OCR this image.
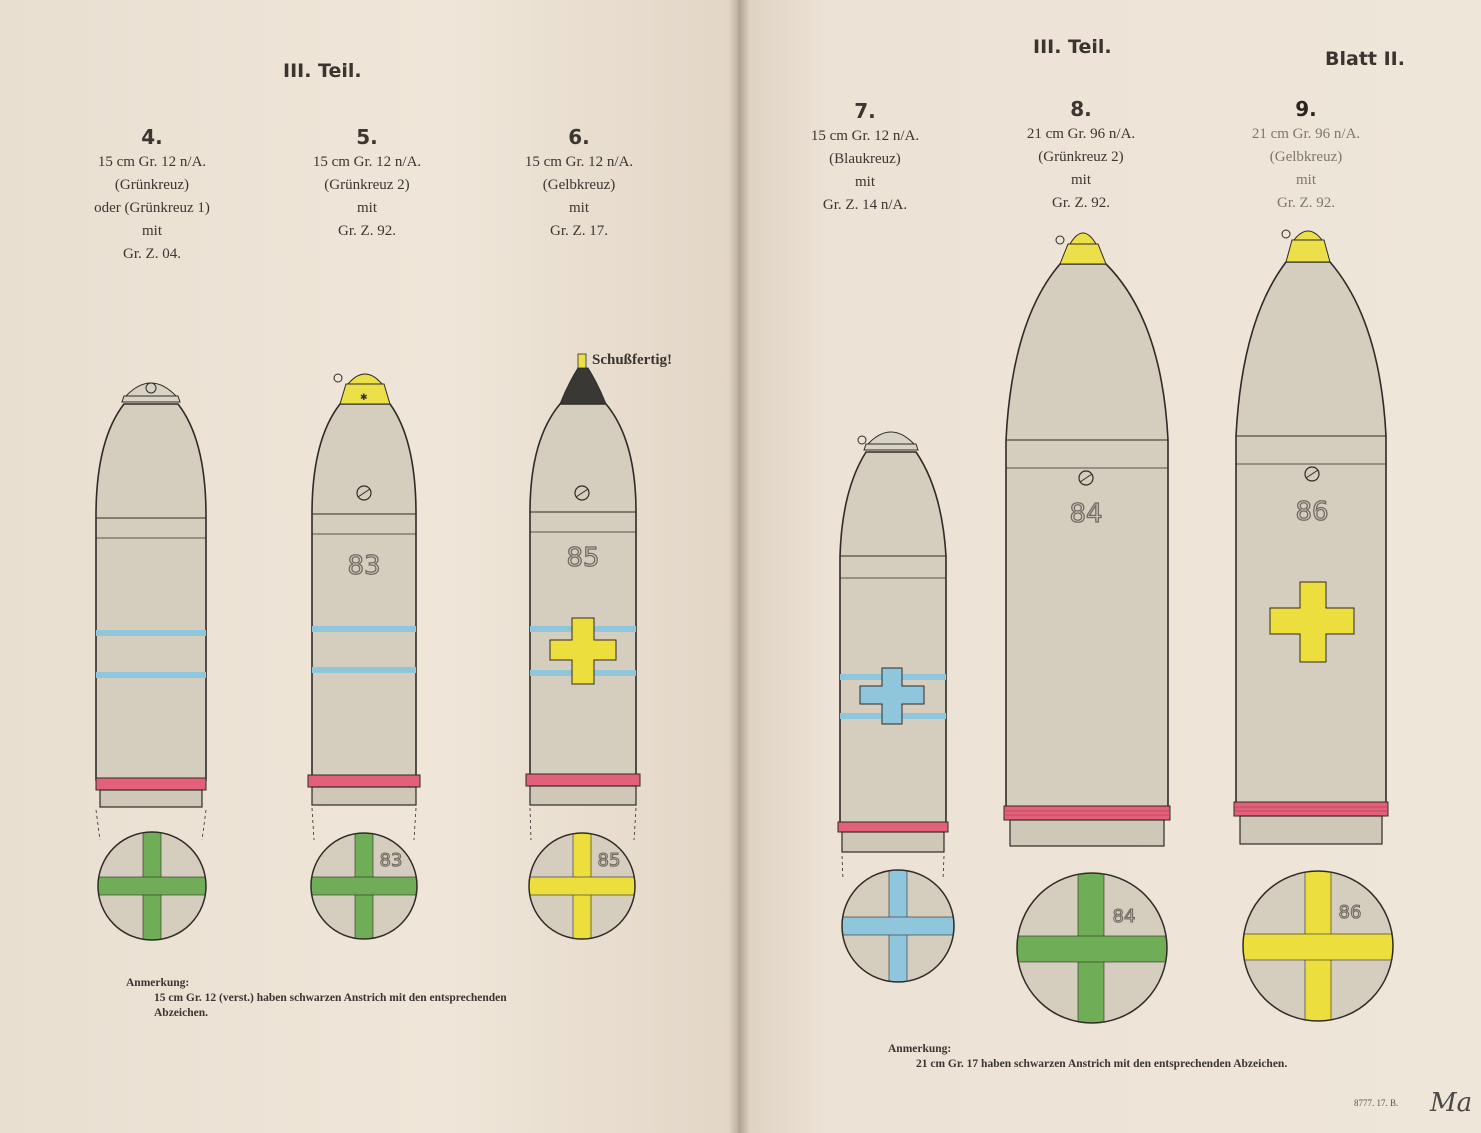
✱
83
83
85
85
84
84
86
86
III. Teil.
III. Teil.
Blatt II.
4.
15 cm Gr. 12 n/A.
(Grünkreuz)
oder (Grünkreuz 1)
mit
Gr. Z. 04.
5.
15 cm Gr. 12 n/A.
(Grünkreuz 2)
mit
Gr. Z. 92.
6.
15 cm Gr. 12 n/A.
(Gelbkreuz)
mit
Gr. Z. 17.
7.
15 cm Gr. 12 n/A.
(Blaukreuz)
mit
Gr. Z. 14 n/A.
8.
21 cm Gr. 96 n/A.
(Grünkreuz 2)
mit
Gr. Z. 92.
9.
21 cm Gr. 96 n/A.
(Gelbkreuz)
mit
Gr. Z. 92.
Schußfertig!
Anmerkung:
15 cm Gr. 12 (verst.) haben schwarzen Anstrich mit den entsprechenden
Abzeichen.
Anmerkung:
21 cm Gr. 17 haben schwarzen Anstrich mit den entsprechenden Abzeichen.
8777. 17. B. Ma
